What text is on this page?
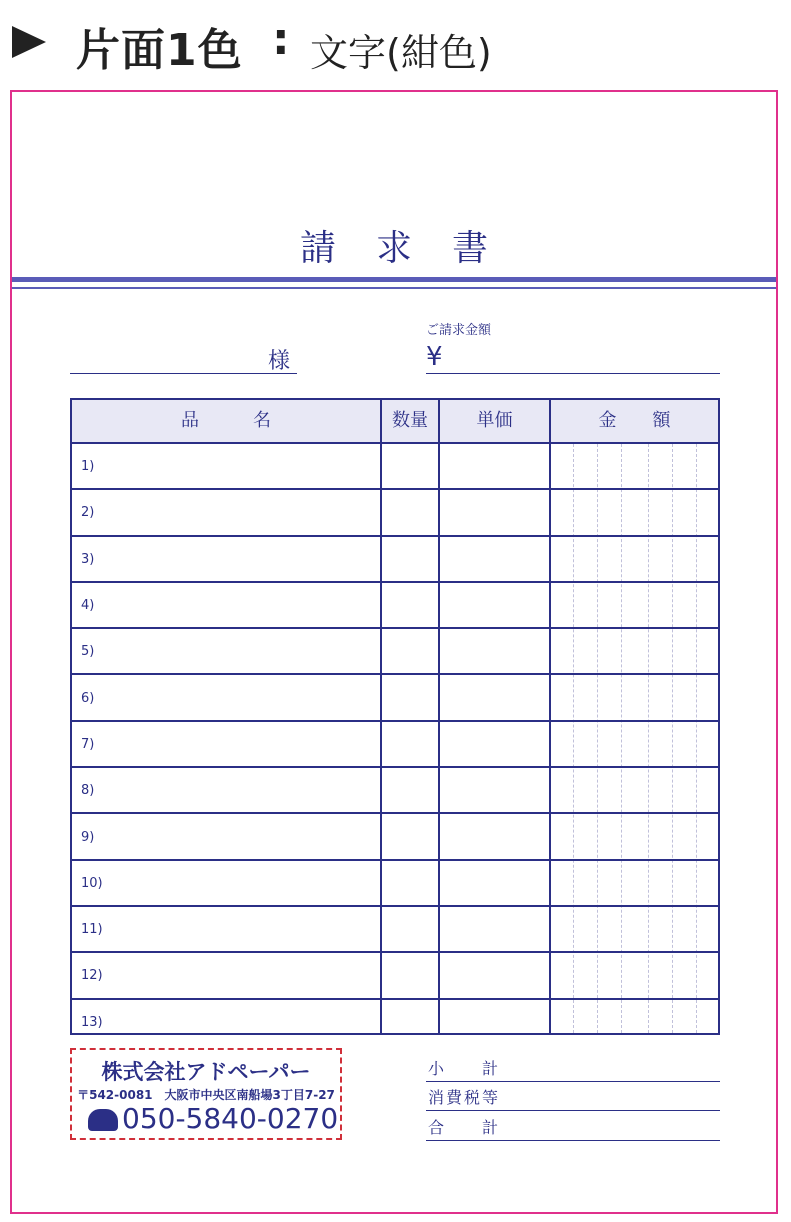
片面1色 : 文字(紺色)
請求書
様
ご請求金額
¥
品　　　名	数量	単価	金　　額
1)
2)
3)
4)
5)
6)
7)
8)
9)
10)
11)
12)
13)
株式会社アドペーパー
〒542-0081　大阪市中央区南船場3丁目7-27
050-5840-0270
小　　計
消費税等
合　　計
